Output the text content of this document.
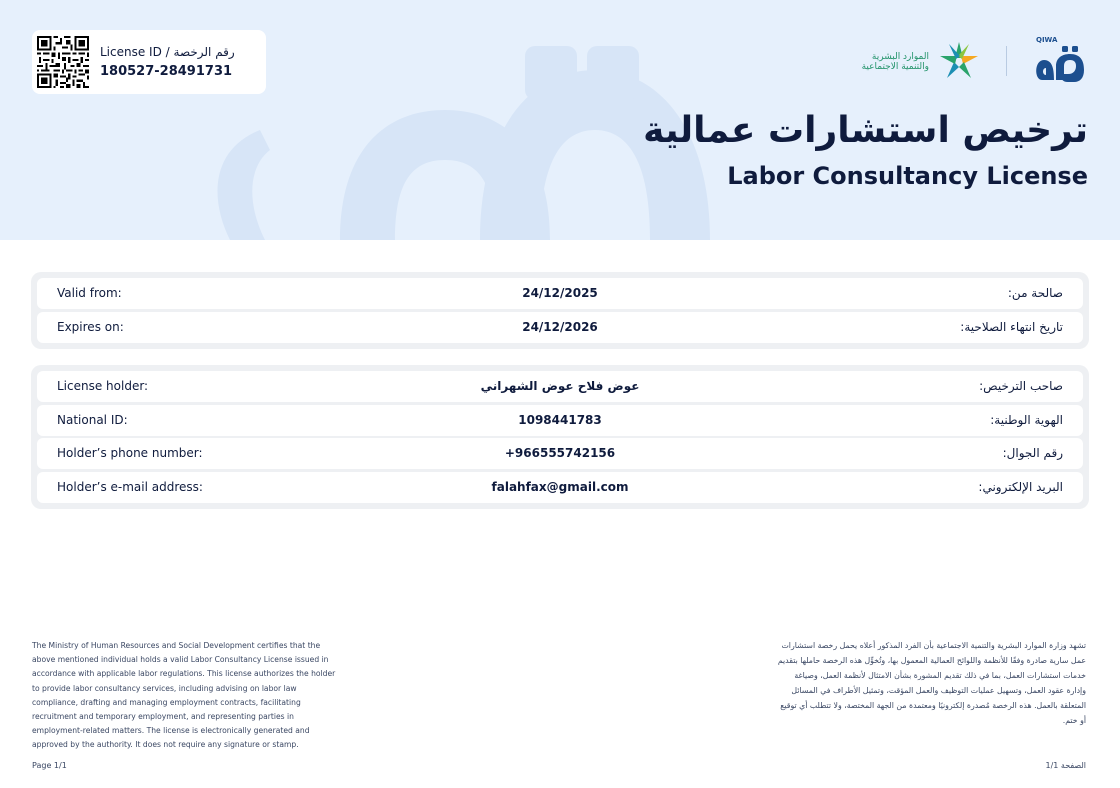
License ID / رقم الرخصة
180527-28491731
الموارد البشرية
والتنمية الاجتماعية
QIWA
ترخيص استشارات عمالية
Labor Consultancy License
Valid from:	24/12/2025	صالحة من:
Expires on:	24/12/2026	تاريخ انتهاء الصلاحية:
License holder:	عوض فلاح عوض الشهراني	صاحب الترخيص:
National ID:	1098441783	الهوية الوطنية:
Holder’s phone number:	+966555742156	رقم الجوال:
Holder’s e-mail address:	falahfax@gmail.com	البريد الإلكتروني:
The Ministry of Human Resources and Social Development certifies that the above mentioned individual holds a valid Labor Consultancy License issued in accordance with applicable labor regulations. This license authorizes the holder to provide labor consultancy services, including advising on labor law compliance, drafting and managing employment contracts, facilitating recruitment and temporary employment, and representing parties in employment-related matters. The license is electronically generated and approved by the authority. It does not require any signature or stamp.
تشهد وزارة الموارد البشرية والتنمية الاجتماعية بأن الفرد المذكور أعلاه يحمل رخصة استشارات عمل سارية صادرة وفقًا للأنظمة واللوائح العمالية المعمول بها، وتُخوِّل هذه الرخصة حاملها بتقديم خدمات استشارات العمل، بما في ذلك تقديم المشورة بشأن الامتثال لأنظمة العمل، وصياغة وإدارة عقود العمل، وتسهيل عمليات التوظيف والعمل المؤقت، وتمثيل الأطراف في المسائل المتعلقة بالعمل. هذه الرخصة مُصدرة إلكترونيًا ومعتمدة من الجهة المختصة، ولا تتطلب أي توقيع أو ختم.
Page 1/1	الصفحة 1/1
